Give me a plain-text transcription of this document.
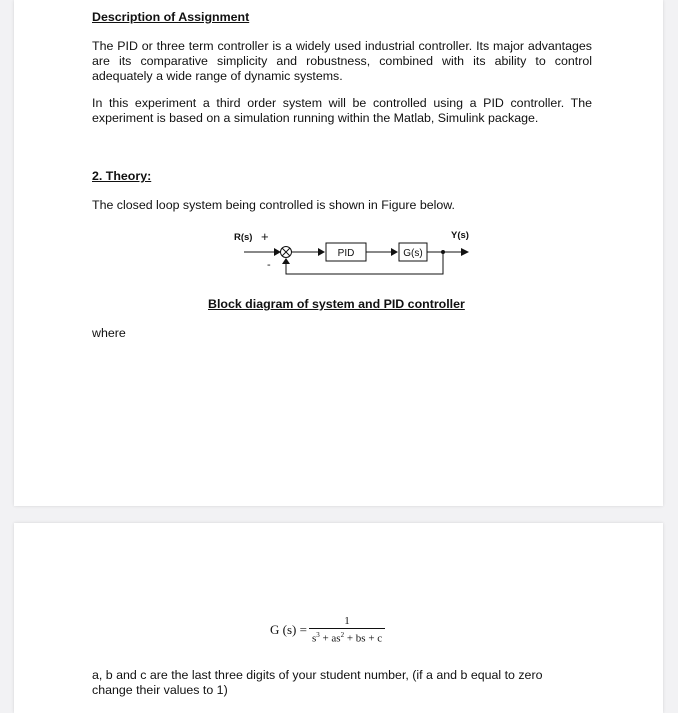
Description of Assignment

The PID or three term controller is a widely used industrial controller. Its major advantages are its comparative simplicity and robustness, combined with its ability to control adequately a wide range of dynamic systems.

In this experiment a third order system will be controlled using a PID controller. The experiment is based on a simulation running within the Matlab, Simulink package.

2. Theory:

The closed loop system being controlled is shown in Figure below.

R(s) +
-
Y(s)
PID	G(s)

Block diagram of system and PID controller

where

G $(s) = \frac{1}{s^3 + as^2 + bs + c}$

a, b and c are the last three digits of your student number, (if a and b equal to zero change their values to 1)
